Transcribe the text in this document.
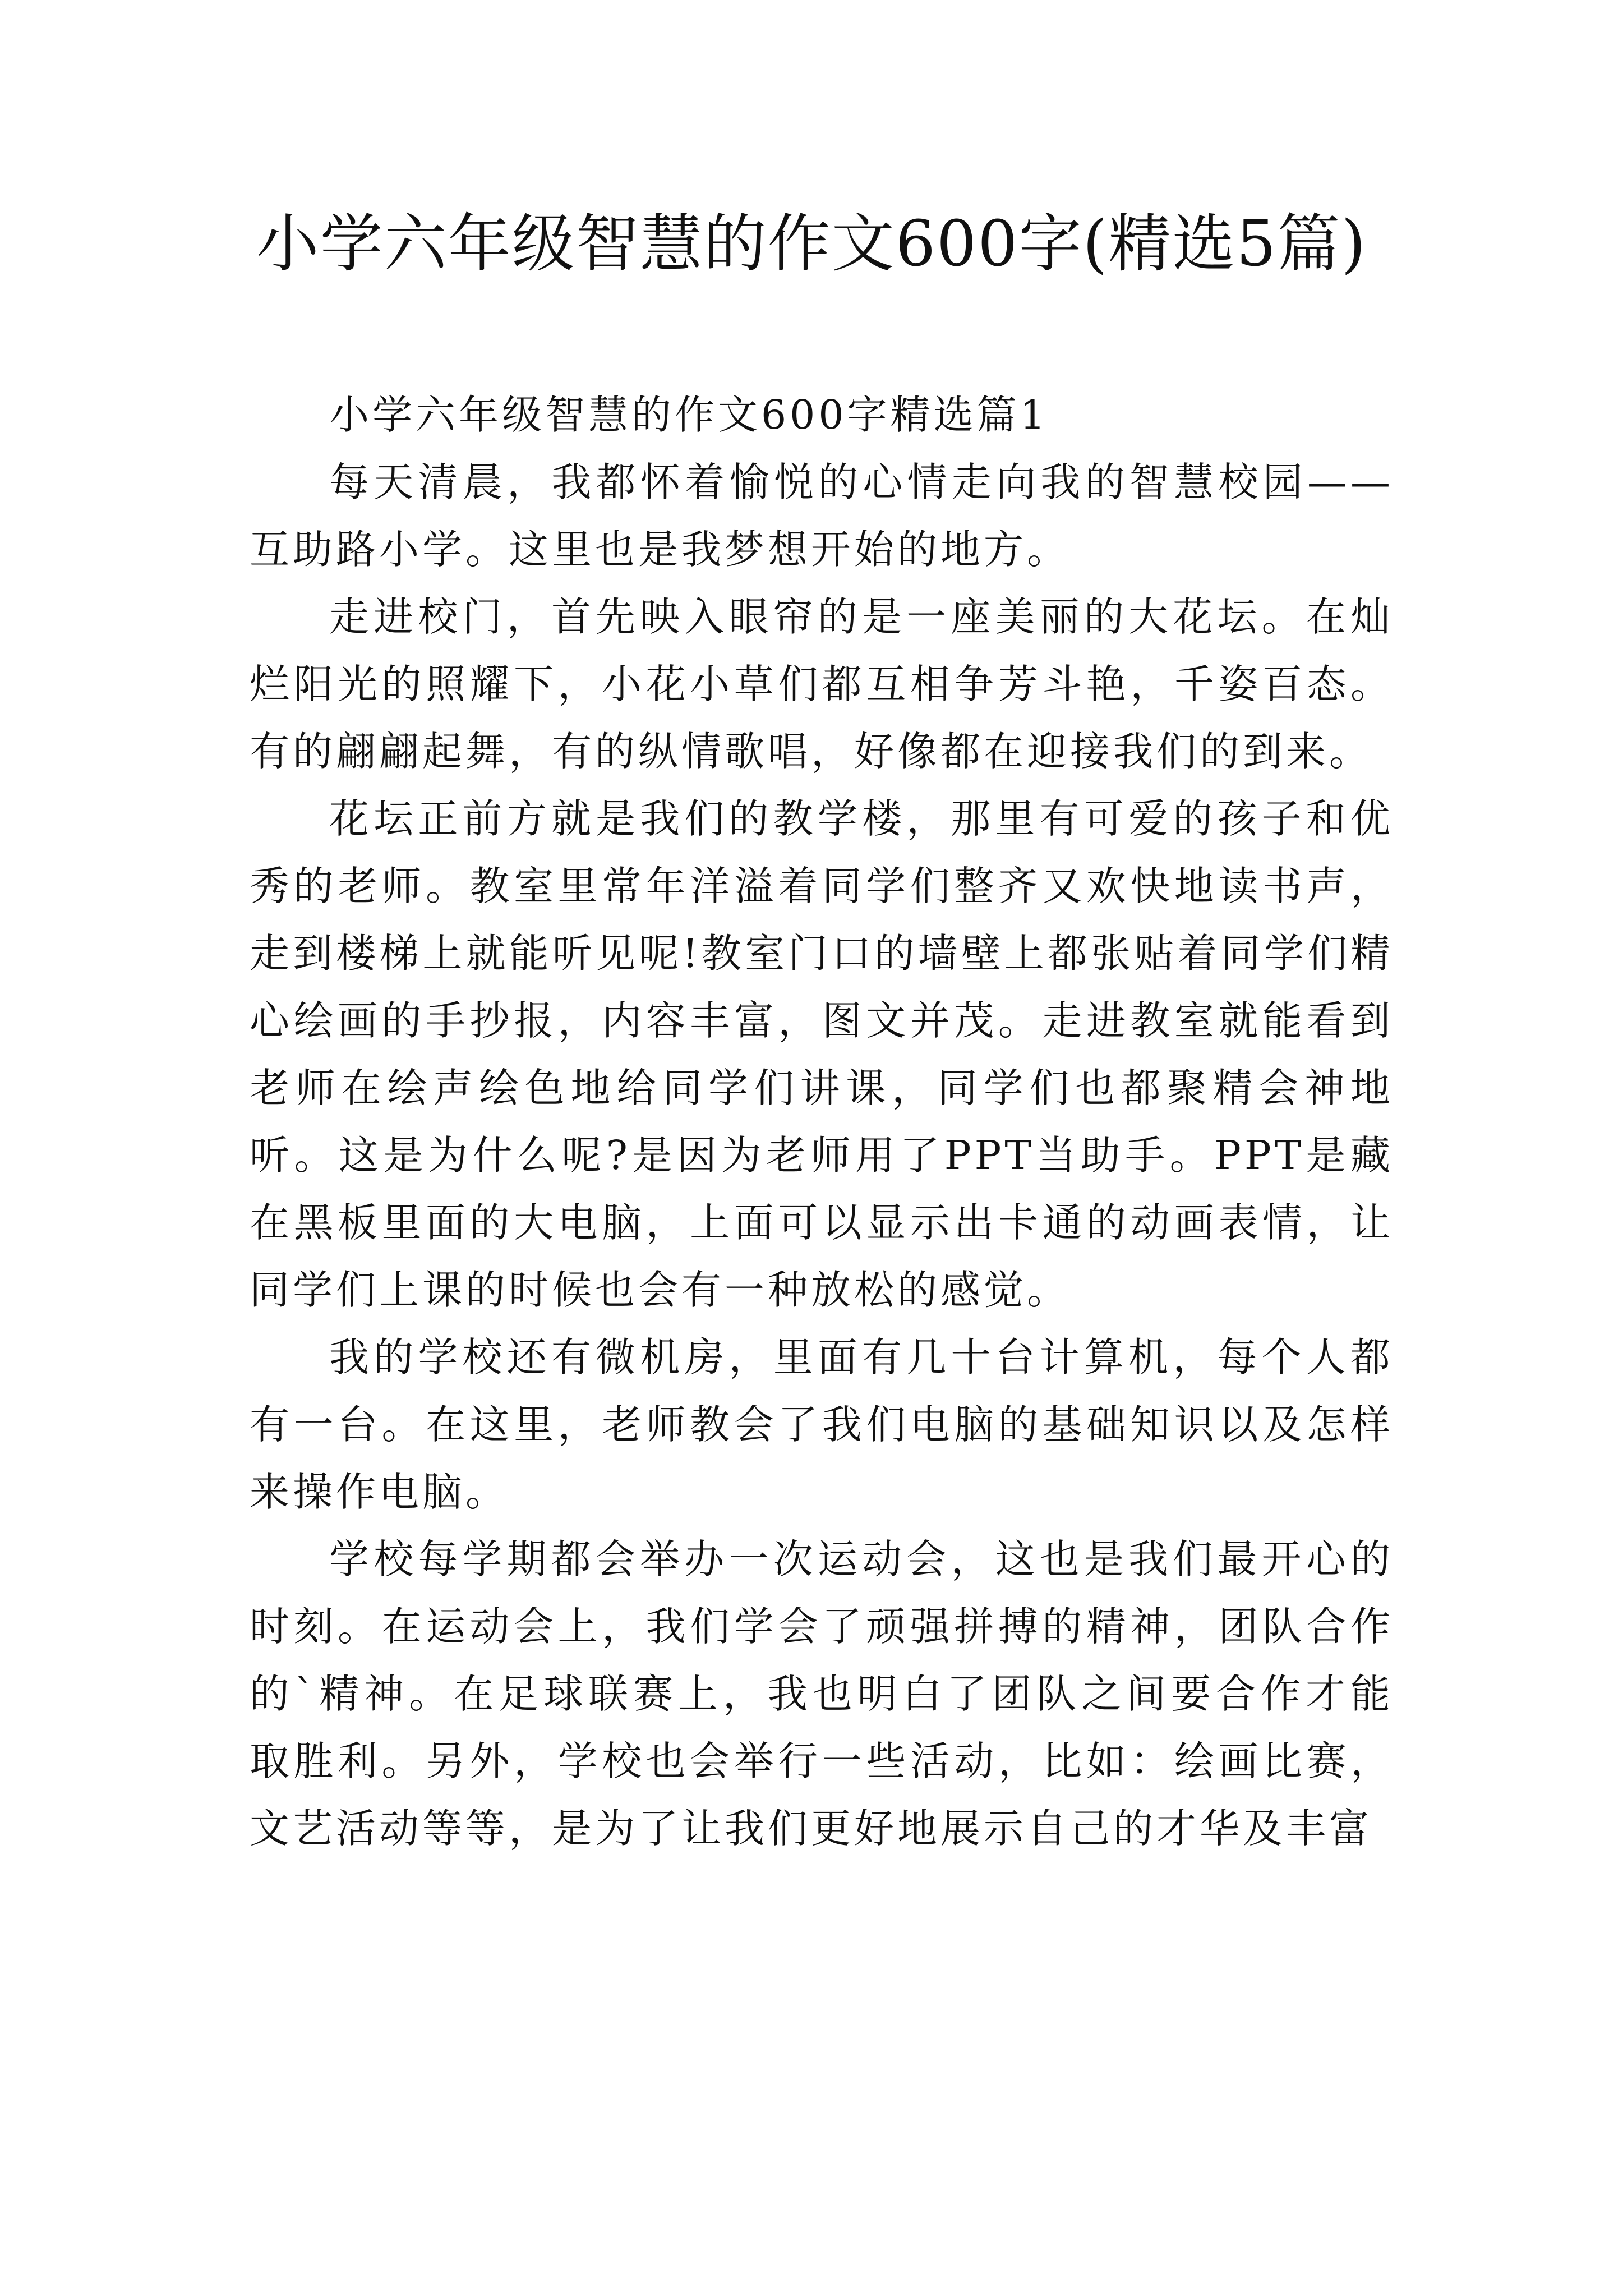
小学六年级智慧的作文600字(精选5篇)

小学六年级智慧的作文600字精选篇1

每天清晨，我都怀着愉悦的心情走向我的智慧校园——互助路小学。这里也是我梦想开始的地方。

走进校门，首先映入眼帘的是一座美丽的大花坛。在灿烂阳光的照耀下，小花小草们都互相争芳斗艳，千姿百态。有的翩翩起舞，有的纵情歌唱，好像都在迎接我们的到来。

花坛正前方就是我们的教学楼，那里有可爱的孩子和优秀的老师。教室里常年洋溢着同学们整齐又欢快地读书声，走到楼梯上就能听见呢!教室门口的墙壁上都张贴着同学们精心绘画的手抄报，内容丰富，图文并茂。走进教室就能看到老师在绘声绘色地给同学们讲课，同学们也都聚精会神地听。这是为什么呢?是因为老师用了PPT当助手。PPT是藏在黑板里面的大电脑，上面可以显示出卡通的动画表情，让同学们上课的时候也会有一种放松的感觉。

我的学校还有微机房，里面有几十台计算机，每个人都有一台。在这里，老师教会了我们电脑的基础知识以及怎样来操作电脑。

学校每学期都会举办一次运动会，这也是我们最开心的时刻。在运动会上，我们学会了顽强拼搏的精神，团队合作的`精神。在足球联赛上，我也明白了团队之间要合作才能取胜利。另外，学校也会举行一些活动，比如：绘画比赛，文艺活动等等，是为了让我们更好地展示自己的才华及丰富
